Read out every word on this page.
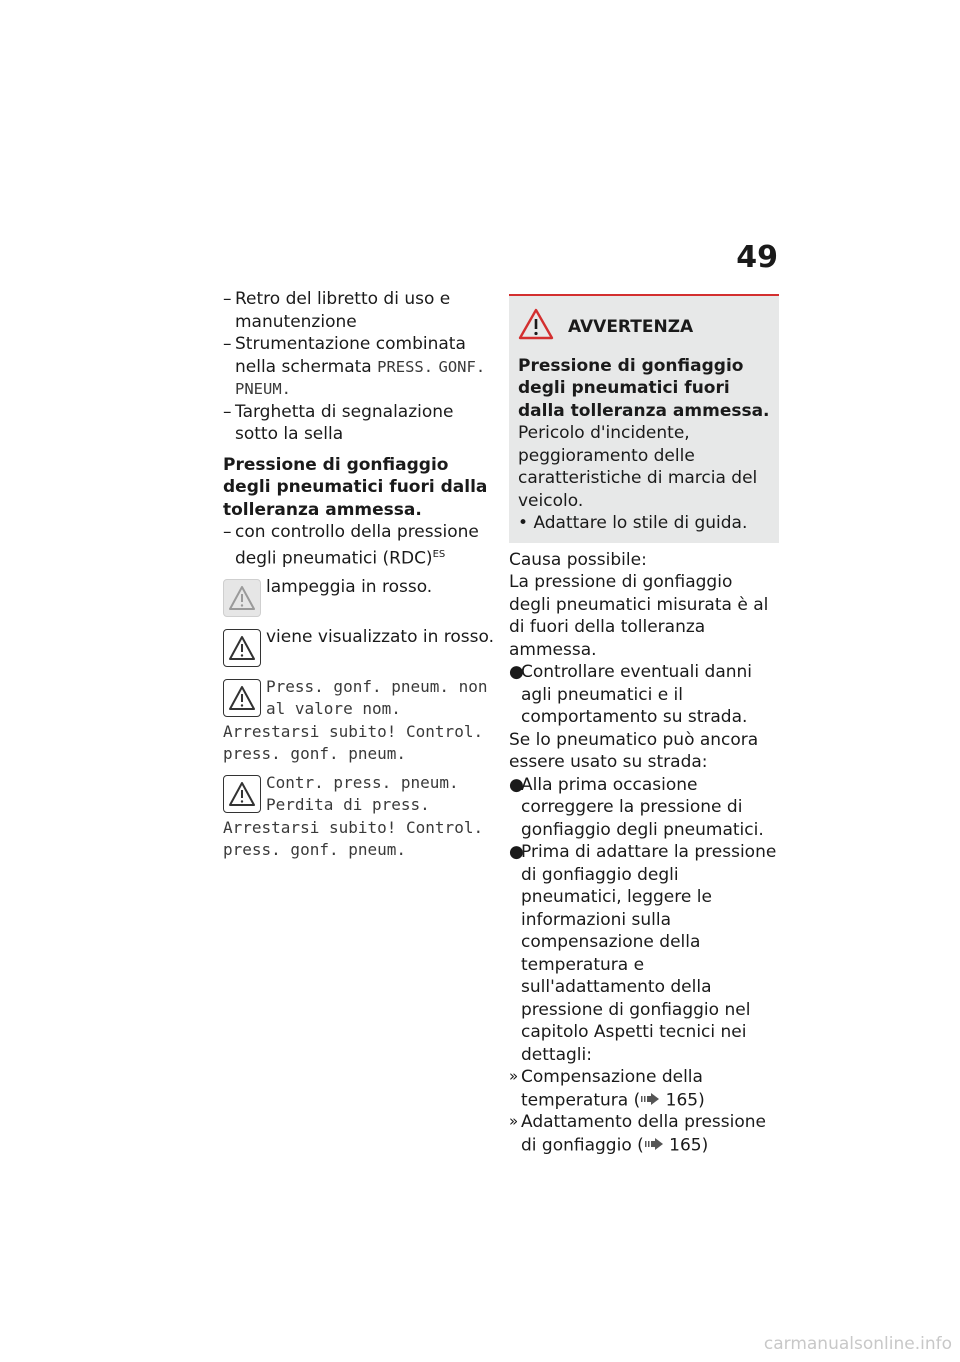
49

– Retro del libretto di uso e manutenzione

– Strumentazione combinata nella schermata PRESS. GONF. PNEUM.

– Targhetta di segnalazione sotto la sella

Pressione di gonfiaggio degli pneumatici fuori dalla tolleranza ammessa.

– con controllo della pressione degli pneumatici (RDC)$^{ES}$

lampeggia in rosso.
viene visualizzato in rosso.
Press. gonf. pneum. non al valore nom. Arrestarsi subito! Control. press. gonf. pneum.
Contr. press. pneum. Perdita di press. Arrestarsi subito! Control. press. gonf. pneum.
AVVERTENZA
Pressione di gonfiaggio degli pneumatici fuori dalla tolleranza ammessa.
Pericolo d'incidente, peggioramento delle caratteristiche di marcia del veicolo.
• Adattare lo stile di guida.
Causa possibile:
La pressione di gonfiaggio degli pneumatici misurata è al di fuori della tolleranza ammessa.
●
Controllare eventuali danni agli pneumatici e il comportamento su strada.
Se lo pneumatico può ancora essere usato su strada:
●
Alla prima occasione correggere la pressione di gonfiaggio degli pneumatici.
●
Prima di adattare la pressione di gonfiaggio degli pneumatici, leggere le informazioni sulla compensazione della temperatura e sull'adattamento della pressione di gonfiaggio nel capitolo Aspetti tecnici nei dettagli:
» Compensazione della temperatura ( 165)
» Adattamento della pressione di gonfiaggio ( 165)
carmanualsonline.info
